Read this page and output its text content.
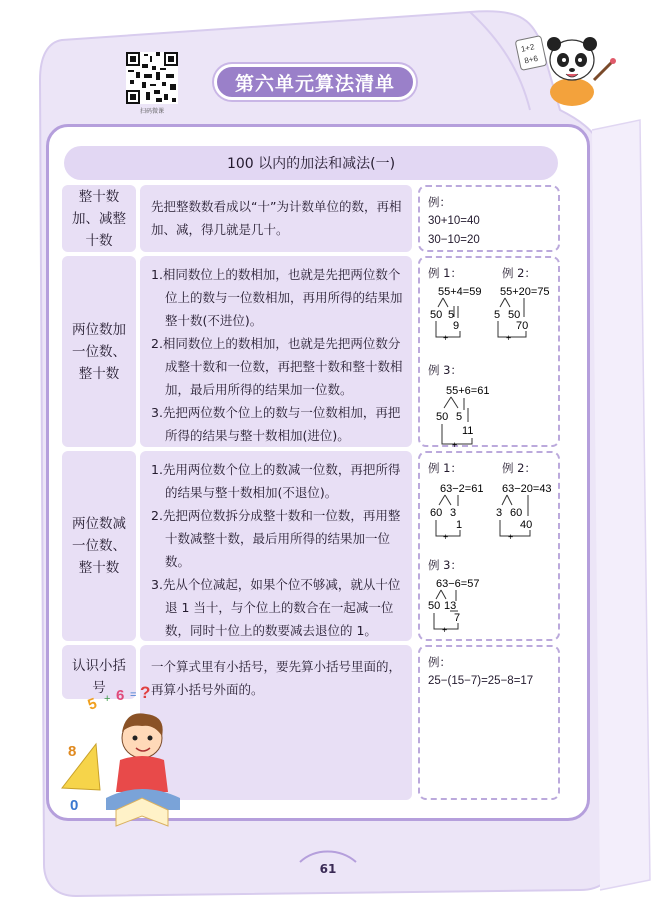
扫码微课
第六单元算法清单
1+2
8+6
100 以内的加法和减法(一)
整十数加、减整十数
先把整数数看成以“十”为计数单位的数，再相加、减，得几就是几十。
例：
30+10=40
30−10=20
两位数加一位数、整十数
1.相同数位上的数相加，也就是先把两位数个位上的数与一位数相加，再用所得的结果加整十数(不进位)。
2.相同数位上的数相加，也就是先把两位数分成整十数和一位数，再把整十数和整十数相加，最后用所得的结果加一位数。
3.先把两位数个位上的数与一位数相加，再把所得的结果与整十数相加(进位)。
例 1：	例 2：
55+4=59 55+20=75
50 5
9
+
5 50
70
+
例 3：
55+6=61
50 5
11
+
两位数减一位数、整十数
1.先用两位数个位上的数减一位数，再把所得的结果与整十数相加(不退位)。
2.先把两位数拆分成整十数和一位数，再用整十数减整十数，最后用所得的结果加一位数。
3.先从个位减起，如果个位不够减，就从十位退 1 当十，与个位上的数合在一起减一位数，同时十位上的数要减去退位的 1。
例 1：	例 2：
63−2=61 63−20=43
60 3
1
+
3 60
40
+
例 3：
63−6=57
50 13
7
+
认识小括号
一个算式里有小括号，要先算小括号里面的，再算小括号外面的。
例：
25−(15−7)=25−8=17
5 + 6 = ?
8
0
61
